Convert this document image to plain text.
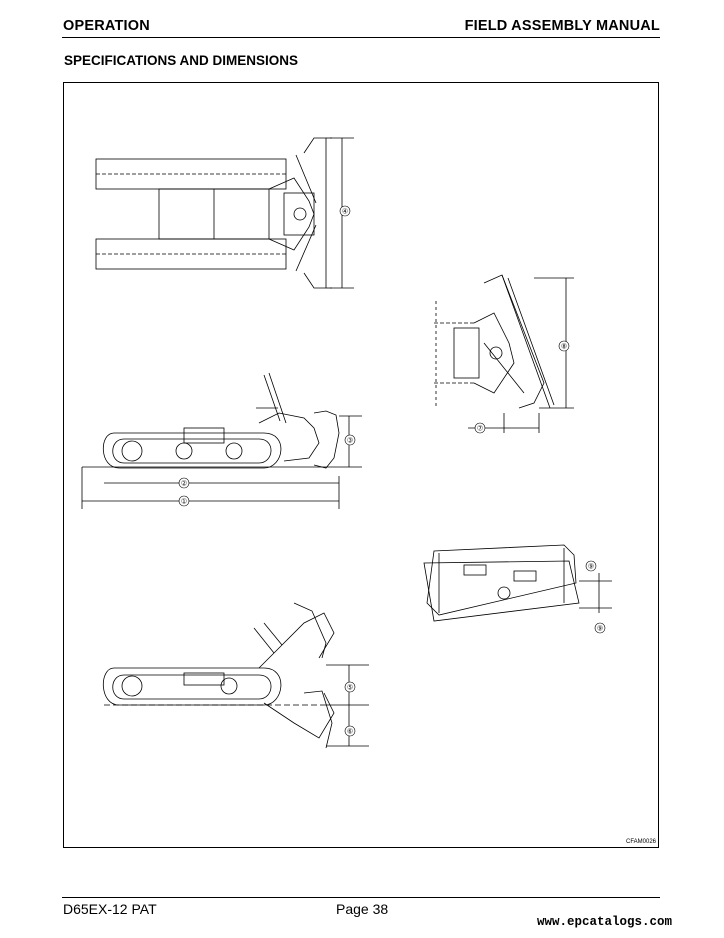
OPERATION	FIELD ASSEMBLY MANUAL
SPECIFICATIONS AND DIMENSIONS
④
③
②
①
⑧
⑦
⑨
⑨
⑤
⑥
CFAM0026
D65EX-12 PAT	Page 38
www.epcatalogs.com
